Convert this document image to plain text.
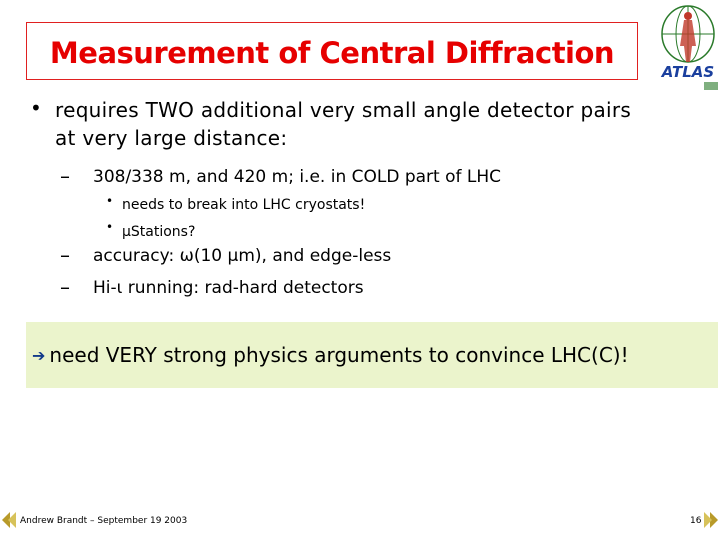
Measurement of Central Diffraction
ATLAS
• requires TWO additional very small angle detector pairs
at very large distance:
– 308/338 m, and 420 m; i.e. in COLD part of LHC
• needs to break into LHC cryostats!
• µStations?
– accuracy: ω(10 µm), and edge-less
– Hi-ι running: rad-hard detectors
➔ need VERY strong physics arguments to convince LHC(C)!
Andrew Brandt – September 19 2003	16
